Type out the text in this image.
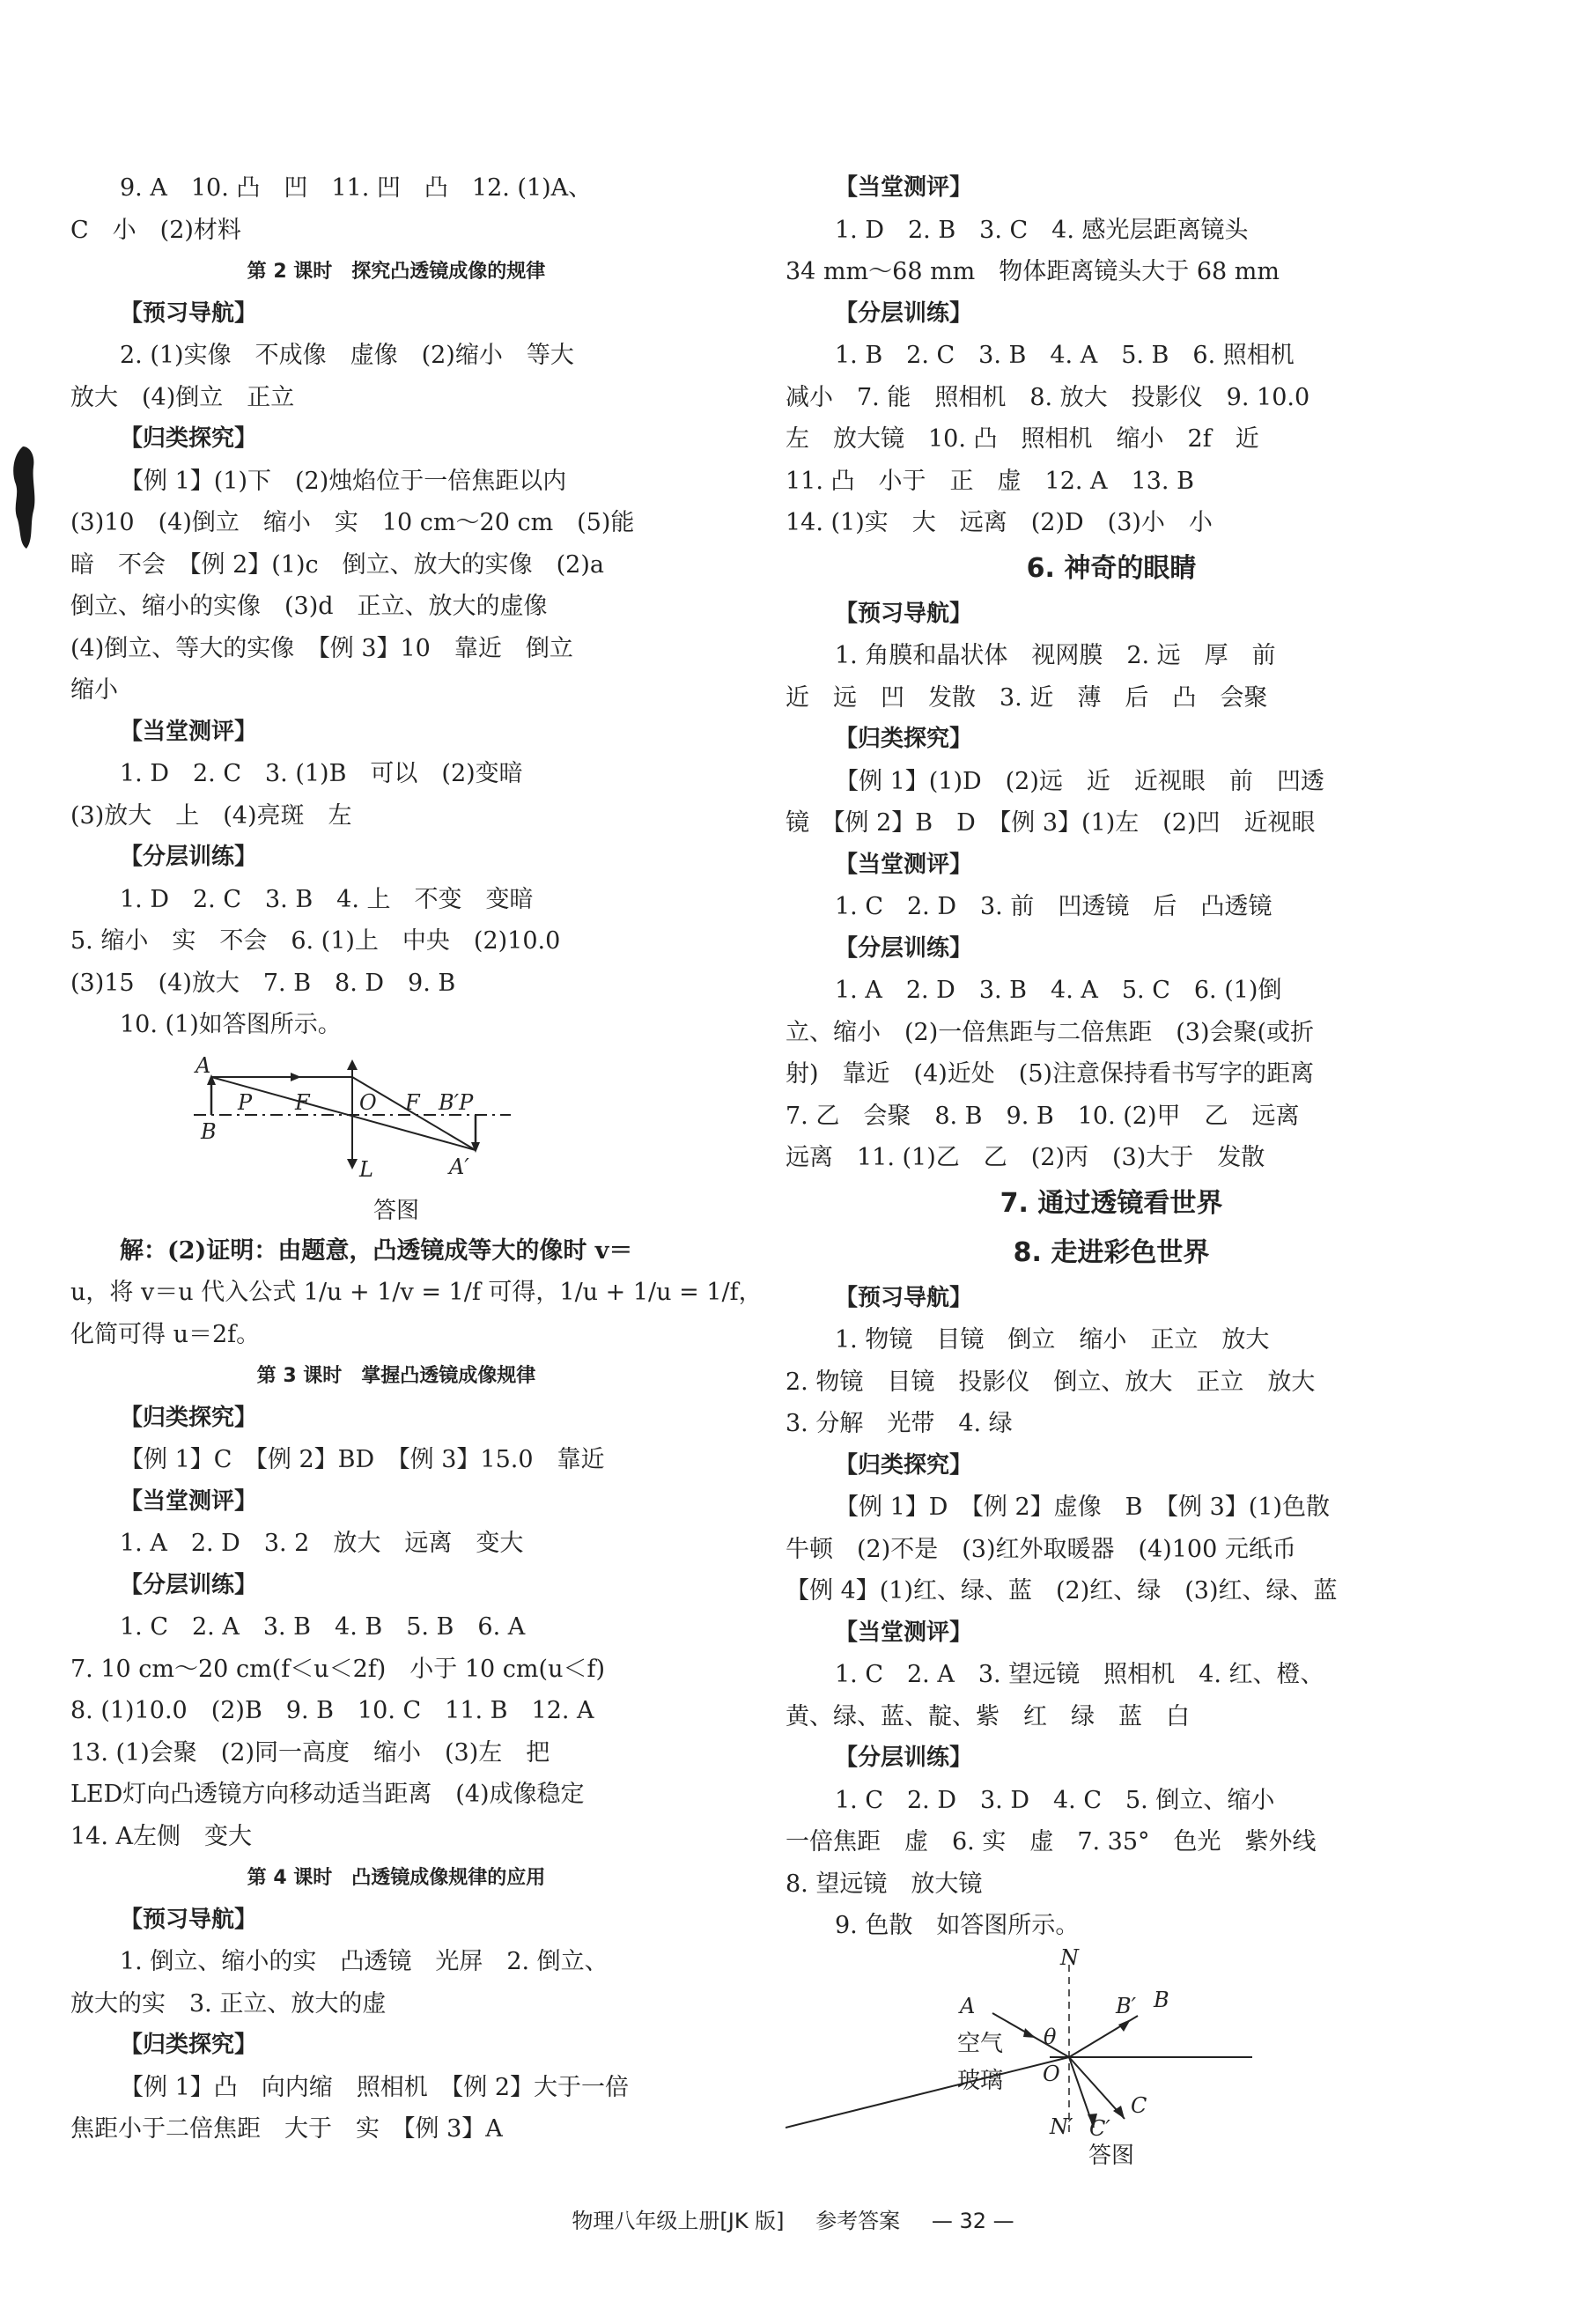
9. A　10. 凸　凹　11. 凹　凸　12. (1)A、
C　小　(2)材料
第 2 课时　探究凸透镜成像的规律
【预习导航】
2. (1)实像　不成像　虚像　(2)缩小　等大
放大　(4)倒立　正立
【归类探究】
【例 1】(1)下　(2)烛焰位于一倍焦距以内
(3)10　(4)倒立　缩小　实　10 cm～20 cm　(5)能
暗　不会　【例 2】(1)c　倒立、放大的实像　(2)a
倒立、缩小的实像　(3)d　正立、放大的虚像
(4)倒立、等大的实像　【例 3】10　靠近　倒立
缩小
【当堂测评】
1. D　2. C　3. (1)B　可以　(2)变暗
(3)放大　上　(4)亮斑　左
【分层训练】
1. D　2. C　3. B　4. 上　不变　变暗
5. 缩小　实　不会　6. (1)上　中央　(2)10.0
(3)15　(4)放大　7. B　8. D　9. B
10. (1)如答图所示。
A
B
P F O F B′P
L	A′
答图
解：(2)证明：由题意，凸透镜成等大的像时 v＝
u，将 v＝u 代入公式 1/u + 1/v = 1/f 可得，1/u + 1/u = 1/f，
化简可得 u＝2f。
第 3 课时　掌握凸透镜成像规律
【归类探究】
【例 1】C　【例 2】BD　【例 3】15.0　靠近
【当堂测评】
1. A　2. D　3. 2　放大　远离　变大
【分层训练】
1. C　2. A　3. B　4. B　5. B　6. A
7. 10 cm～20 cm(f＜u＜2f)　小于 10 cm(u＜f)
8. (1)10.0　(2)B　9. B　10. C　11. B　12. A
13. (1)会聚　(2)同一高度　缩小　(3)左　把
LED灯向凸透镜方向移动适当距离　(4)成像稳定
14. A左侧　变大
第 4 课时　凸透镜成像规律的应用
【预习导航】
1. 倒立、缩小的实　凸透镜　光屏　2. 倒立、
放大的实　3. 正立、放大的虚
【归类探究】
【例 1】凸　向内缩　照相机　【例 2】大于一倍
焦距小于二倍焦距　大于　实　【例 3】A
【当堂测评】
1. D　2. B　3. C　4. 感光层距离镜头
34 mm～68 mm　物体距离镜头大于 68 mm
【分层训练】
1. B　2. C　3. B　4. A　5. B　6. 照相机
减小　7. 能　照相机　8. 放大　投影仪　9. 10.0
左　放大镜　10. 凸　照相机　缩小　2f　近
11. 凸　小于　正　虚　12. A　13. B
14. (1)实　大　远离　(2)D　(3)小　小
6. 神奇的眼睛
【预习导航】
1. 角膜和晶状体　视网膜　2. 远　厚　前
近　远　凹　发散　3. 近　薄　后　凸　会聚
【归类探究】
【例 1】(1)D　(2)远　近　近视眼　前　凹透
镜　【例 2】B　D　【例 3】(1)左　(2)凹　近视眼
【当堂测评】
1. C　2. D　3. 前　凹透镜　后　凸透镜
【分层训练】
1. A　2. D　3. B　4. A　5. C　6. (1)倒
立、缩小　(2)一倍焦距与二倍焦距　(3)会聚(或折
射)　靠近　(4)近处　(5)注意保持看书写字的距离
7. 乙　会聚　8. B　9. B　10. (2)甲　乙　远离
远离　11. (1)乙　乙　(2)丙　(3)大于　发散
7. 通过透镜看世界
8. 走进彩色世界
【预习导航】
1. 物镜　目镜　倒立　缩小　正立　放大
2. 物镜　目镜　投影仪　倒立、放大　正立　放大
3. 分解　光带　4. 绿
【归类探究】
【例 1】D　【例 2】虚像　B　【例 3】(1)色散
牛顿　(2)不是　(3)红外取暖器　(4)100 元纸币
【例 4】(1)红、绿、蓝　(2)红、绿　(3)红、绿、蓝
【当堂测评】
1. C　2. A　3. 望远镜　照相机　4. 红、橙、
黄、绿、蓝、靛、紫　红　绿　蓝　白
【分层训练】
1. C　2. D　3. D　4. C　5. 倒立、缩小
一倍焦距　虚　6. 实　虚　7. 35°　色光　紫外线
8. 望远镜　放大镜
9. 色散　如答图所示。
N
A	B′ B
θ
空气
玻璃 O
C
N′ C′
答图
物理八年级上册[JK 版] 参考答案 — 32 —
